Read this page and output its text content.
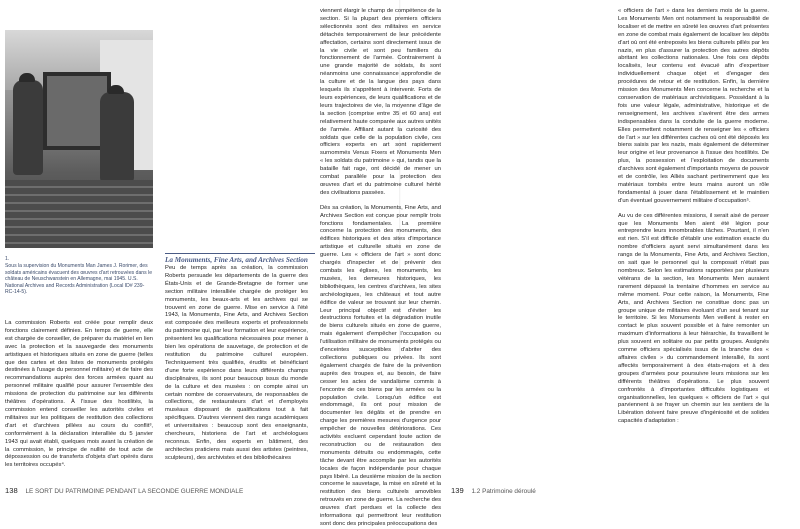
1.

Sous la supervision du Monuments Man James J. Rorimer, des soldats américains évacuent des œuvres d'art retrouvées dans le château de Neuschwanstein en Allemagne, mai 1945. U.S. National Archives and Records Administration (Local ID# 239-RC-14-5).

La Monuments, Fine Arts, and Archives Section

La commission Roberts est créée pour remplir deux fonctions clairement définies. En temps de guerre, elle est chargée de conseiller, de préparer du matériel en lien avec la protection et la sauvegarde des monuments artistiques et historiques situés en zone de guerre (telles que des cartes et des listes de monuments protégés destinées à l'usage du personnel militaire) et de faire des recommandations auprès des forces armées quant au personnel militaire qualifié pour assurer l'ensemble des missions de protection du patrimoine sur les différents théâtres d'opérations. À l'issue des hostilités, la commission entend conseiller les autorités civiles et militaires sur les politiques de restitution des collections d'art et d'archives pillées au cours du conflit³, conformément à la déclaration interalliée du 5 janvier 1943 qui avait établi, quelques mois avant la création de la commission, le principe de nullité de tout acte de dépossession ou de transferts d'objets d'art opérés dans les territoires occupés⁴.

Peu de temps après sa création, la commission Roberts persuade les départements de la guerre des États-Unis et de Grande-Bretagne de former une section militaire interalliée chargée de protéger les monuments, les beaux-arts et les archives qui se trouvent en zone de guerre. Mise en service à l'été 1943, la Monuments, Fine Arts, and Archives Section est composée des meilleurs experts et professionnels du patrimoine qui, par leur formation et leur expérience, présentent les qualifications nécessaires pour mener à bien les opérations de sauvetage, de protection et de restitution du patrimoine culturel européen. Techniquement très qualifiés, érudits et bénéficiant d'une forte expérience dans leurs différents champs disciplinaires, ils sont pour beaucoup issus du monde de la culture et des musées : on compte ainsi un certain nombre de conservateurs, de responsables de collections, de restaurateurs d'art et d'employés muséaux disposant de qualifications tout à fait spécifiques. D'autres viennent des rangs académiques et universitaires : beaucoup sont des enseignants, chercheurs, historiens de l'art et archéologues reconnus. Enfin, des experts en bâtiment, des architectes praticiens mais aussi des artistes (peintres, sculpteurs), des archivistes et des bibliothécaires

viennent élargir le champ de compétence de la section. Si la plupart des premiers officiers sélectionnés sont des militaires en service détachés temporairement de leur précédente affectation, certains sont directement issus de la vie civile et sont peu familiers du fonctionnement de l'armée. Contrairement à une grande majorité de soldats, ils sont néanmoins une connaissance approfondie de la culture et de la langue des pays dans lesquels ils s'apprêtent à intervenir. Forts de leurs expériences, de leurs qualifications et de leurs trajectoires de vie, la moyenne d'âge de la section (comprise entre 35 et 60 ans) est relativement haute comparée aux autres unités de l'armée. Affiliant autant la curiosité des soldats que celle de la population civile, ces officiers experts en art sont rapidement surnommés Venus Fixers et Monuments Men « les soldats du patrimoine » qui, tandis que la bataille fait rage, ont décidé de mener un combat parallèle pour la protection des œuvres d'art et du patrimoine culturel hérité des civilisations passées.

Dès sa création, la Monuments, Fine Arts, and Archives Section est conçue pour remplir trois fonctions fondamentales. La première concerne la protection des monuments, des édifices historiques et des sites d'importance artistique et culturelle situés en zone de guerre. Les « officiers de l'art » sont donc chargés d'inspecter et de prévenir des combats les églises, les monuments, les musées, les demeures historiques, les bibliothèques, les centres d'archives, les sites archéologiques, les châteaux et tout autre édifice de valeur se trouvant sur leur chemin. Leur principal objectif est d'éviter les destructions fortuites et la dégradation inutile de biens culturels situés en zone de guerre, mais également d'empêcher l'occupation ou l'utilisation militaire de monuments protégés ou d'enceintes susceptibles d'abriter des collections publiques ou privées. Ils sont également chargés de faire de la prévention auprès des troupes et, au besoin, de faire cesser les actes de vandalisme commis à l'encontre de ces biens par les armées ou la population civile. Lorsqu'un édifice est endommagé, ils ont pour mission de documenter les dégâts et de prendre en charge les premières mesures d'urgence pour empêcher de nouvelles détériorations. Ces activités excluent cependant toute action de reconstruction ou de restauration des monuments détruits ou endommagés, cette tâche devant être accomplie par les autorités locales de façon indépendante pour chaque pays libéré. La deuxième mission de la section concerne le sauvetage, la mise en sûreté et la restitution des biens culturels amovibles retrouvés en zone de guerre. La recherche des œuvres d'art perdues et la collecte des informations qui permettront leur restitution sont donc des principales préoccupations des

« officiers de l'art » dans les derniers mois de la guerre. Les Monuments Men ont notamment la responsabilité de localiser et de mettre en sûreté les œuvres d'art présentes en zone de combat mais également de localiser les dépôts d'art où ont été entreposés les biens culturels pillés par les nazis, en plus d'assurer la protection des autres dépôts abritant les collections nationales. Une fois ces dépôts localisés, leur contenu est évacué afin d'expertiser individuellement chaque objet et d'engager des procédures de retour et de restitution. Enfin, la dernière mission des Monuments Men concerne la recherche et la conservation de matériaux archivistiques. Possédant à la fois une valeur légale, administrative, historique et de renseignement, les archives s'avèrent être des armes indispensables dans la conduite de la guerre moderne. Elles permettent notamment de renseigner les « officiers de l'art » sur les différentes caches où ont été déposés les biens saisis par les nazis, mais également de déterminer leur origine et leur provenance à l'issue des hostilités. De plus, la possession et l'exploitation de documents d'archives sont également d'importants moyens de pouvoir et de contrôle, les Alliés sachant pertinemment que les matériaux tombés entre leurs mains auront un rôle fondamental à jouer dans l'établissement et le maintien d'un éventuel gouvernement militaire d'occupation⁵.

Au vu de ces différentes missions, il serait aisé de penser que les Monuments Men aient été légion pour entreprendre leurs innombrables tâches. Pourtant, il n'en est rien. S'il est difficile d'établir une estimation exacte du nombre d'officiers ayant servi simultanément dans les rangs de la Monuments, Fine Arts, and Archives Section, on sait que le personnel qui la composait n'était pas nombreux. Selon les estimations rapportées par plusieurs vétérans de la section, les Monuments Men auraient rarement dépassé la trentaine d'hommes en service au même moment. Pour cette raison, la Monuments, Fine Arts, and Archives Section ne constitue donc pas un groupe unique de militaires évoluant d'un seul tenant sur le territoire. Si les Monuments Men veillent à rester en contact le plus souvent possible et à faire remonter un maximum d'informations à leur hiérarchie, ils travaillent le plus souvent en solitaire ou par petits groupes. Assignés comme officiers spécialisés issus de la branche des « affaires civiles » du commandement interallié, ils sont affectés temporairement à des états-majors et à des groupes d'armées pour poursuivre leurs missions sur les différents théâtres d'opérations. Le plus souvent confrontés à d'importantes difficultés logistiques et organisationnelles, les quelques « officiers de l'art » qui parviennent à se frayer un chemin sur les sentiers de la Libération doivent faire preuve d'ingéniosité et de solides capacités d'adaptation :

138 LE SORT DU PATRIMOINE PENDANT LA SECONDE GUERRE MONDIALE	139 1.2 Patrimoine déroulé
